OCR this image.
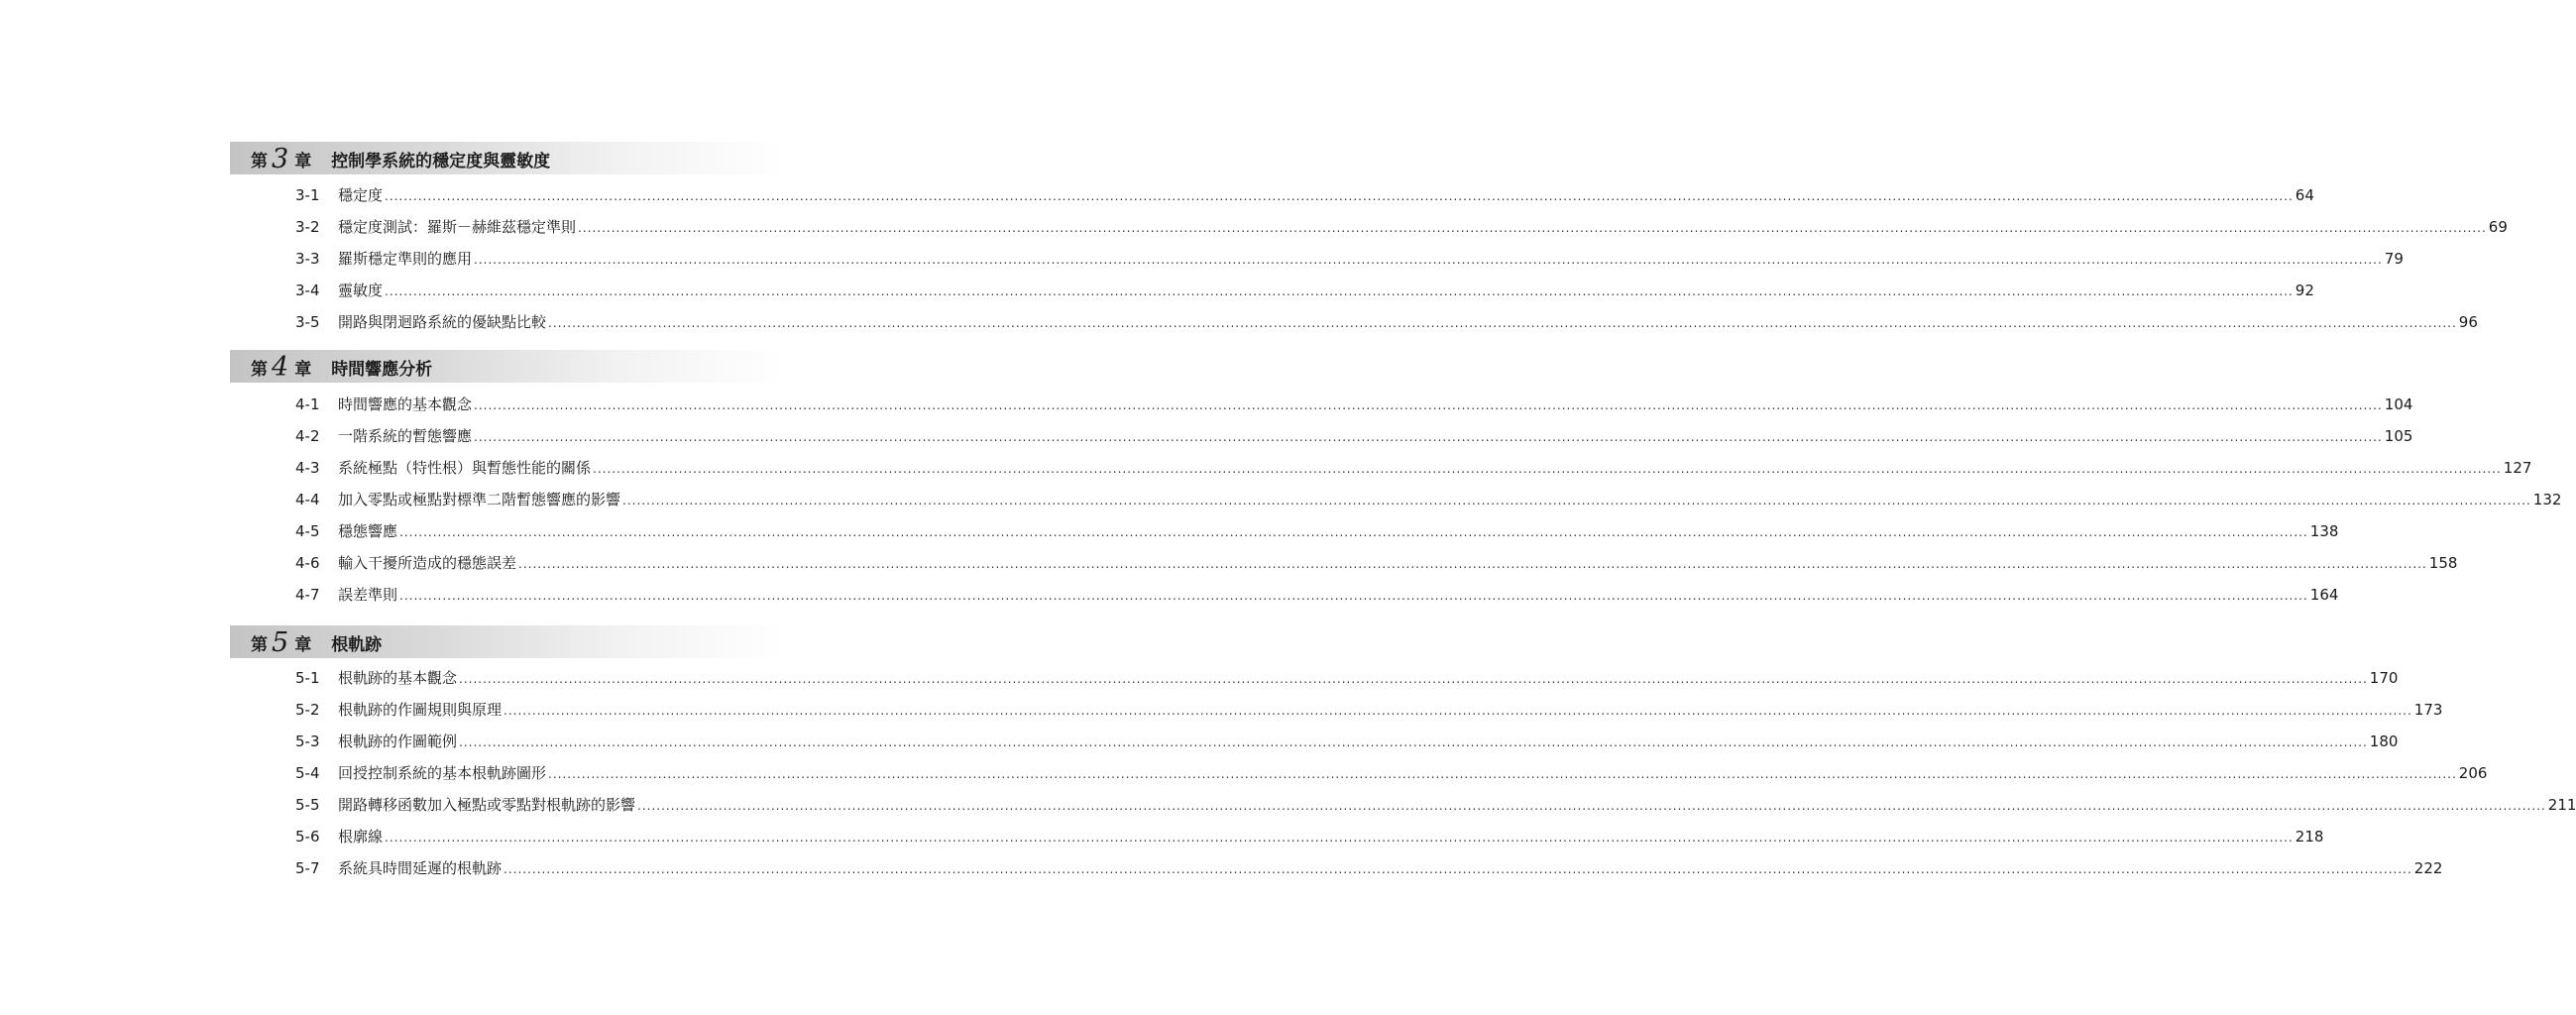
第 3 章 控制學系統的穩定度與靈敏度
3-1	穩定度 ................................................................................................................................................................................................................................................................................................................................................................................................................ 64
3-2	穩定度測試：羅斯－赫維茲穩定準則 ................................................................................................................................................................................................................................................................................................................................................................................................................ 69
3-3	羅斯穩定準則的應用 ................................................................................................................................................................................................................................................................................................................................................................................................................ 79
3-4	靈敏度 ................................................................................................................................................................................................................................................................................................................................................................................................................ 92
3-5	開路與閉迴路系統的優缺點比較 ................................................................................................................................................................................................................................................................................................................................................................................................................ 96
第 4 章 時間響應分析
4-1	時間響應的基本觀念 ................................................................................................................................................................................................................................................................................................................................................................................................................ 104
4-2	一階系統的暫態響應 ................................................................................................................................................................................................................................................................................................................................................................................................................ 105
4-3	系統極點（特性根）與暫態性能的關係 ................................................................................................................................................................................................................................................................................................................................................................................................................ 127
4-4	加入零點或極點對標準二階暫態響應的影響 ................................................................................................................................................................................................................................................................................................................................................................................................................ 132
4-5	穩態響應 ................................................................................................................................................................................................................................................................................................................................................................................................................ 138
4-6	輸入干擾所造成的穩態誤差 ................................................................................................................................................................................................................................................................................................................................................................................................................ 158
4-7	誤差準則 ................................................................................................................................................................................................................................................................................................................................................................................................................ 164
第 5 章 根軌跡
5-1	根軌跡的基本觀念 ................................................................................................................................................................................................................................................................................................................................................................................................................ 170
5-2	根軌跡的作圖規則與原理 ................................................................................................................................................................................................................................................................................................................................................................................................................ 173
5-3	根軌跡的作圖範例 ................................................................................................................................................................................................................................................................................................................................................................................................................ 180
5-4	回授控制系統的基本根軌跡圖形 ................................................................................................................................................................................................................................................................................................................................................................................................................ 206
5-5	開路轉移函數加入極點或零點對根軌跡的影響 ................................................................................................................................................................................................................................................................................................................................................................................................................ 211
5-6	根廓線 ................................................................................................................................................................................................................................................................................................................................................................................................................ 218
5-7	系統具時間延遲的根軌跡 ................................................................................................................................................................................................................................................................................................................................................................................................................ 222
